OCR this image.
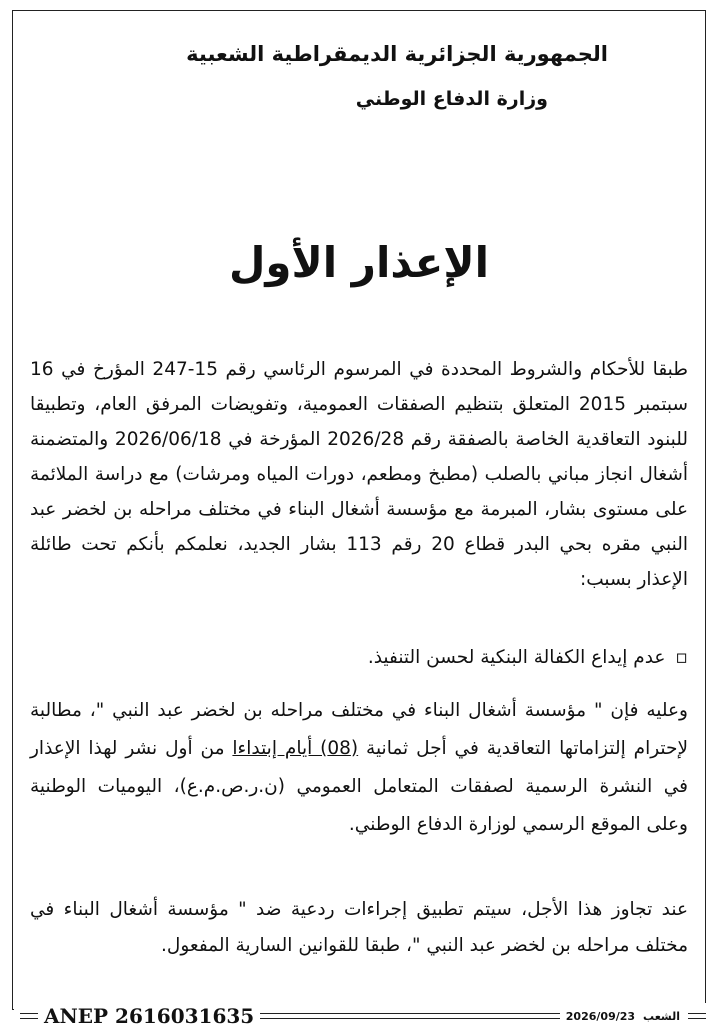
الجمهورية الجزائرية الديمقراطية الشعبية
وزارة الدفاع الوطني
الإعذار الأول
طبقا للأحكام والشروط المحددة في المرسوم الرئاسي رقم 15-247 المؤرخ في 16 سبتمبر 2015 المتعلق بتنظيم الصفقات العمومية، وتفويضات المرفق العام، وتطبيقا للبنود التعاقدية الخاصة بالصفقة رقم 2026/28 المؤرخة في 2026/06/18 والمتضمنة أشغال انجاز مباني بالصلب (مطبخ ومطعم، دورات المياه ومرشات) مع دراسة الملائمة على مستوى بشار، المبرمة مع مؤسسة أشغال البناء في مختلف مراحله بن لخضر عبد النبي مقره بحي البدر قطاع 20 رقم 113 بشار الجديد، نعلمكم بأنكم تحت طائلة الإعذار بسبب:
▫عدم إيداع الكفالة البنكية لحسن التنفيذ.
وعليه فإن " مؤسسة أشغال البناء في مختلف مراحله بن لخضر عبد النبي "، مطالبة لإحترام إلتزاماتها التعاقدية في أجل ثمانية (08) أيام إبتداءا من أول نشر لهذا الإعذار في النشرة الرسمية لصفقات المتعامل العمومي (ن.ر.ص.م.ع)، اليوميات الوطنية وعلى الموقع الرسمي لوزارة الدفاع الوطني.
عند تجاوز هذا الأجل، سيتم تطبيق إجراءات ردعية ضد " مؤسسة أشغال البناء في مختلف مراحله بن لخضر عبد النبي "، طبقا للقوانين السارية المفعول.
ANEP 2616031635	2026/09/23 الشعب
